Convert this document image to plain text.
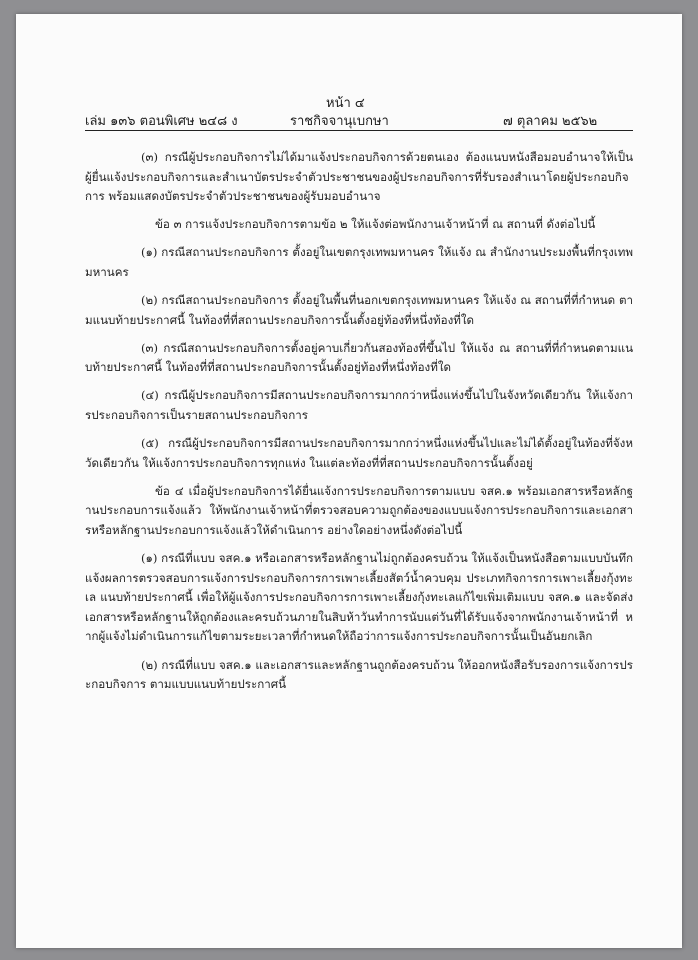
หน้า ๔
เล่ม ๑๓๖ ตอนพิเศษ ๒๔๘ ง	ราชกิจจานุเบกษา	๗ ตุลาคม ๒๕๖๒

(๓) กรณีผู้ประกอบกิจการไม่ได้มาแจ้งประกอบกิจการด้วยตนเอง ต้องแนบหนังสือมอบอำนาจให้เป็นผู้ยื่นแจ้งประกอบกิจการและสำเนาบัตรประจำตัวประชาชนของผู้ประกอบกิจการที่รับรองสำเนาโดยผู้ประกอบกิจการ พร้อมแสดงบัตรประจำตัวประชาชนของผู้รับมอบอำนาจ

ข้อ ๓ การแจ้งประกอบกิจการตามข้อ ๒ ให้แจ้งต่อพนักงานเจ้าหน้าที่ ณ สถานที่ ดังต่อไปนี้

(๑) กรณีสถานประกอบกิจการ ตั้งอยู่ในเขตกรุงเทพมหานคร ให้แจ้ง ณ สำนักงานประมงพื้นที่กรุงเทพมหานคร

(๒) กรณีสถานประกอบกิจการ ตั้งอยู่ในพื้นที่นอกเขตกรุงเทพมหานคร ให้แจ้ง ณ สถานที่ที่กำหนด ตามแนบท้ายประกาศนี้ ในท้องที่ที่สถานประกอบกิจการนั้นตั้งอยู่ท้องที่หนึ่งท้องที่ใด

(๓) กรณีสถานประกอบกิจการตั้งอยู่คาบเกี่ยวกันสองท้องที่ขึ้นไป ให้แจ้ง ณ สถานที่ที่กำหนดตามแนบท้ายประกาศนี้ ในท้องที่ที่สถานประกอบกิจการนั้นตั้งอยู่ท้องที่หนึ่งท้องที่ใด

(๔) กรณีผู้ประกอบกิจการมีสถานประกอบกิจการมากกว่าหนึ่งแห่งขึ้นไปในจังหวัดเดียวกัน ให้แจ้งการประกอบกิจการเป็นรายสถานประกอบกิจการ

(๕) กรณีผู้ประกอบกิจการมีสถานประกอบกิจการมากกว่าหนึ่งแห่งขึ้นไปและไม่ได้ตั้งอยู่ในท้องที่จังหวัดเดียวกัน ให้แจ้งการประกอบกิจการทุกแห่ง ในแต่ละท้องที่ที่สถานประกอบกิจการนั้นตั้งอยู่

ข้อ ๔ เมื่อผู้ประกอบกิจการได้ยื่นแจ้งการประกอบกิจการตามแบบ จสค.๑ พร้อมเอกสารหรือหลักฐานประกอบการแจ้งแล้ว ให้พนักงานเจ้าหน้าที่ตรวจสอบความถูกต้องของแบบแจ้งการประกอบกิจการและเอกสารหรือหลักฐานประกอบการแจ้งแล้วให้ดำเนินการ อย่างใดอย่างหนึ่งดังต่อไปนี้

(๑) กรณีที่แบบ จสค.๑ หรือเอกสารหรือหลักฐานไม่ถูกต้องครบถ้วน ให้แจ้งเป็นหนังสือตามแบบบันทึกแจ้งผลการตรวจสอบการแจ้งการประกอบกิจการการเพาะเลี้ยงสัตว์น้ำควบคุม ประเภทกิจการการเพาะเลี้ยงกุ้งทะเล แนบท้ายประกาศนี้ เพื่อให้ผู้แจ้งการประกอบกิจการการเพาะเลี้ยงกุ้งทะเลแก้ไขเพิ่มเติมแบบ จสค.๑ และจัดส่งเอกสารหรือหลักฐานให้ถูกต้องและครบถ้วนภายในสิบห้าวันทำการนับแต่วันที่ได้รับแจ้งจากพนักงานเจ้าหน้าที่ หากผู้แจ้งไม่ดำเนินการแก้ไขตามระยะเวลาที่กำหนดให้ถือว่าการแจ้งการประกอบกิจการนั้นเป็นอันยกเลิก

(๒) กรณีที่แบบ จสค.๑ และเอกสารและหลักฐานถูกต้องครบถ้วน ให้ออกหนังสือรับรองการแจ้งการประกอบกิจการ ตามแบบแนบท้ายประกาศนี้
